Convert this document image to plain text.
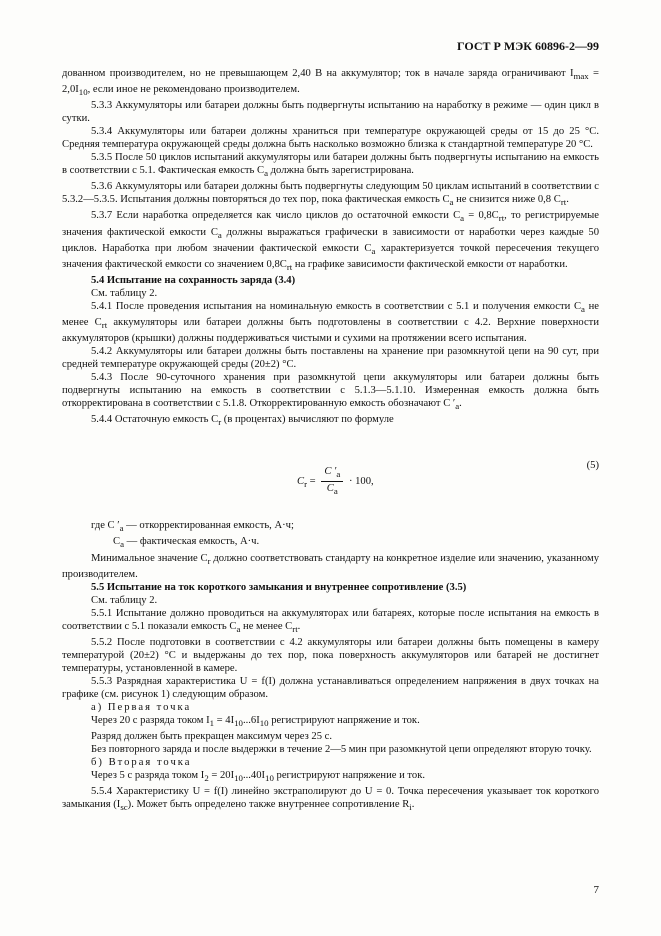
ГОСТ Р МЭК 60896-2—99

дованном производителем, но не превышающем 2,40 В на аккумулятор; ток в начале заряда ограничивают $I_{max} = 2,0I_{10}$, если иное не рекомендовано производителем.

5.3.3 Аккумуляторы или батареи должны быть подвергнуты испытанию на наработку в режиме — один цикл в сутки.

5.3.4 Аккумуляторы или батареи должны храниться при температуре окружающей среды от 15 до 25 °C. Средняя температура окружающей среды должна быть насколько возможно близка к стандартной температуре 20 °C.

5.3.5 После 50 циклов испытаний аккумуляторы или батареи должны быть подвергнуты испытанию на емкость в соответствии с 5.1. Фактическая емкость $C_a$ должна быть зарегистрирована.

5.3.6 Аккумуляторы или батареи должны быть подвергнуты следующим 50 циклам испытаний в соответствии с 5.3.2—5.3.5. Испытания должны повторяться до тех пор, пока фактическая емкость $C_a$ не снизится ниже 0,8 $C_{rt}$.

5.3.7 Если наработка определяется как число циклов до остаточной емкости $C_a = 0,8C_{rt}$, то регистрируемые значения фактической емкости $C_a$ должны выражаться графически в зависимости от наработки через каждые 50 циклов. Наработка при любом значении фактической емкости $C_a$ характеризуется точкой пересечения текущего значения фактической емкости со значением $0,8C_{rt}$ на графике зависимости фактической емкости от наработки.

5.4 Испытание на сохранность заряда (3.4)

См. таблицу 2.

5.4.1 После проведения испытания на номинальную емкость в соответствии с 5.1 и получения емкости $C_a$ не менее $C_{rt}$ аккумуляторы или батареи должны быть подготовлены в соответствии с 4.2. Верхние поверхности аккумуляторов (крышки) должны поддерживаться чистыми и сухими на протяжении всего испытания.

5.4.2 Аккумуляторы или батареи должны быть поставлены на хранение при разомкнутой цепи на 90 сут, при средней температуре окружающей среды (20±2) °C.

5.4.3 После 90-суточного хранения при разомкнутой цепи аккумуляторы или батареи должны быть подвергнуты испытанию на емкость в соответствии с 5.1.3—5.1.10. Измеренная емкость должна быть откорректирована в соответствии с 5.1.8. Откорректированную емкость обозначают C $'_a$.

5.4.4 Остаточную емкость $C_r$ (в процентах) вычисляют по формуле

$C_r = \frac{C '_a}{C_a} \cdot 100$,
(5)

где C $'_a$ — откорректированная емкость, А·ч;

$C_a$ — фактическая емкость, А·ч.

Минимальное значение $C_r$ должно соответствовать стандарту на конкретное изделие или значению, указанному производителем.

5.5 Испытание на ток короткого замыкания и внутреннее сопротивление (3.5)

См. таблицу 2.

5.5.1 Испытание должно проводиться на аккумуляторах или батареях, которые после испытания на емкость в соответствии с 5.1 показали емкость $C_a$ не менее $C_{rt}$.

5.5.2 После подготовки в соответствии с 4.2 аккумуляторы или батареи должны быть помещены в камеру температурой (20±2) °C и выдержаны до тех пор, пока поверхность аккумуляторов или батарей не достигнет температуры, установленной в камере.

5.5.3 Разрядная характеристика U = f(I) должна устанавливаться определением напряжения в двух точках на графике (см. рисунок 1) следующим образом.

а) Первая точка

Через 20 с разряда током $I_1 = 4I_{10}...6I_{10}$ регистрируют напряжение и ток.

Разряд должен быть прекращен максимум через 25 с.

Без повторного заряда и после выдержки в течение 2—5 мин при разомкнутой цепи определяют вторую точку.

б) Вторая точка

Через 5 с разряда током $I_2 = 20I_{10}...40I_{10}$ регистрируют напряжение и ток.

5.5.4 Характеристику U = f(I) линейно экстраполируют до U = 0. Точка пересечения указывает ток короткого замыкания $(I_{sc})$. Может быть определено также внутреннее сопротивление $R_i$.

7
